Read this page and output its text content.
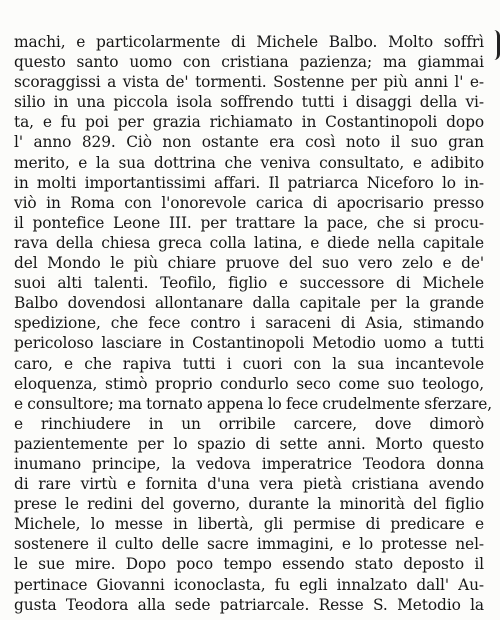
machi, e particolarmente di Michele Balbo. Molto soffrì
questo santo uomo con cristiana pazienza; ma giammai
scoraggissi a vista de' tormenti. Sostenne per più anni l' e-
silio in una piccola isola soffrendo tutti i disaggi della vi-
ta, e fu poi per grazia richiamato in Costantinopoli dopo
l' anno 829. Ciò non ostante era così noto il suo gran
merito, e la sua dottrina che veniva consultato, e adibito
in molti importantissimi affari. Il patriarca Niceforo lo in-
viò in Roma con l'onorevole carica di apocrisario presso
il pontefice Leone III. per trattare la pace, che si procu-
rava della chiesa greca colla latina, e diede nella capitale
del Mondo le più chiare pruove del suo vero zelo e de'
suoi alti talenti. Teofilo, figlio e successore di Michele
Balbo dovendosi allontanare dalla capitale per la grande
spedizione, che fece contro i saraceni di Asia, stimando
pericoloso lasciare in Costantinopoli Metodio uomo a tutti
caro, e che rapiva tutti i cuori con la sua incantevole
eloquenza, stimò proprio condurlo seco come suo teologo,
e consultore; ma tornato appena lo fece crudelmente sferzare,
e rinchiudere in un orribile carcere, dove dimorò
pazientemente per lo spazio di sette anni. Morto questo
inumano principe, la vedova imperatrice Teodora donna
di rare virtù e fornita d'una vera pietà cristiana avendo
prese le redini del governo, durante la minorità del figlio
Michele, lo messe in libertà, gli permise di predicare e
sostenere il culto delle sacre immagini, e lo protesse nel-
le sue mire. Dopo poco tempo essendo stato deposto il
pertinace Giovanni iconoclasta, fu egli innalzato dall' Au-
gusta Teodora alla sede patriarcale. Resse S. Metodio la
